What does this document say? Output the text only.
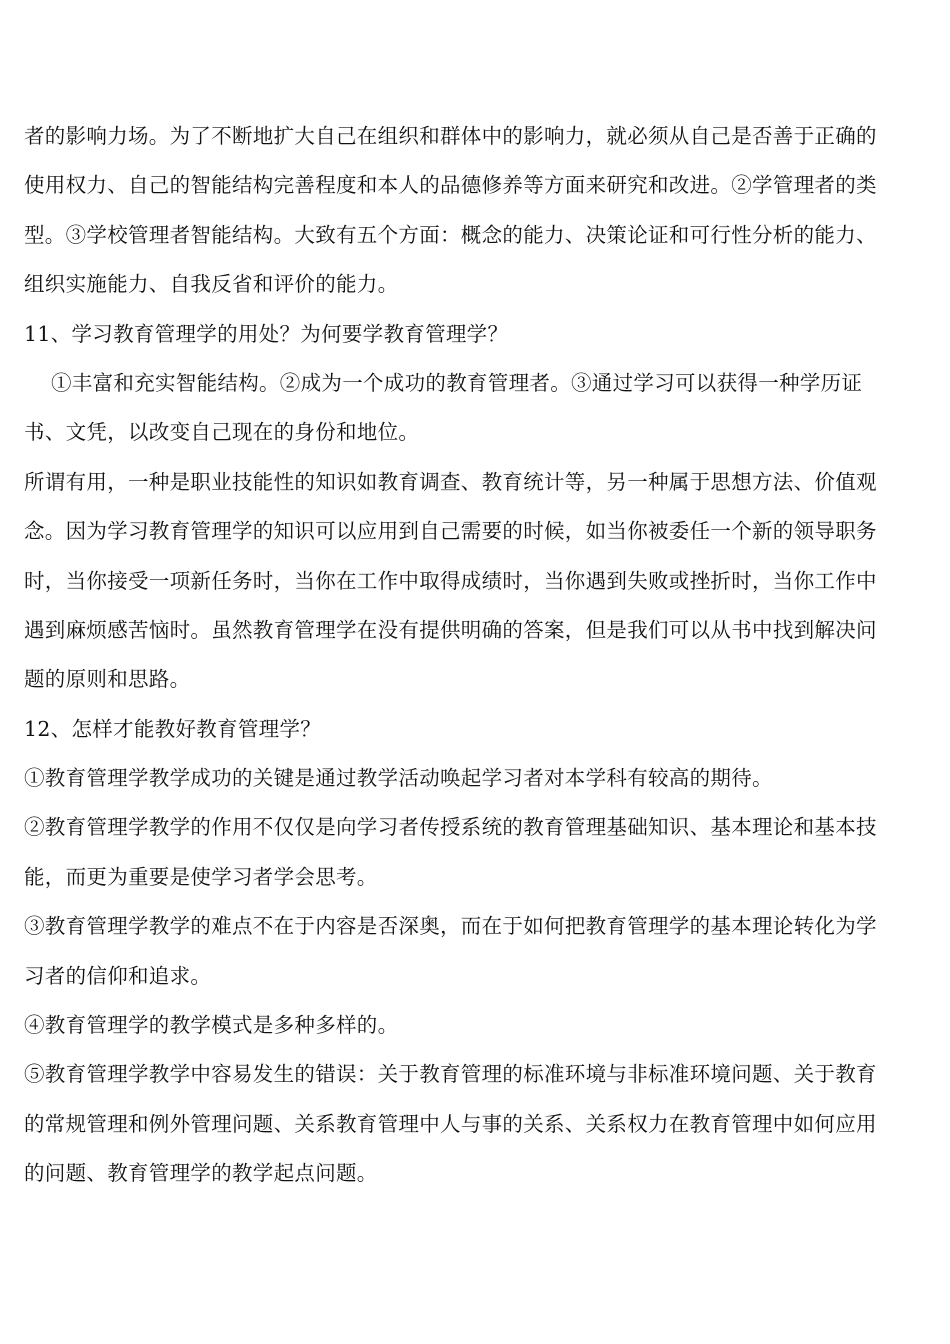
者的影响力场。为了不断地扩大自己在组织和群体中的影响力，就必须从自己是否善于正确的
使用权力、自己的智能结构完善程度和本人的品德修养等方面来研究和改进。②学管理者的类
型。③学校管理者智能结构。大致有五个方面：概念的能力、决策论证和可行性分析的能力、
组织实施能力、自我反省和评价的能力。
11、学习教育管理学的用处？为何要学教育管理学？
①丰富和充实智能结构。②成为一个成功的教育管理者。③通过学习可以获得一种学历证
书、文凭，以改变自己现在的身份和地位。
所谓有用，一种是职业技能性的知识如教育调查、教育统计等，另一种属于思想方法、价值观
念。因为学习教育管理学的知识可以应用到自己需要的时候，如当你被委任一个新的领导职务
时，当你接受一项新任务时，当你在工作中取得成绩时，当你遇到失败或挫折时，当你工作中
遇到麻烦感苦恼时。虽然教育管理学在没有提供明确的答案，但是我们可以从书中找到解决问
题的原则和思路。
12、怎样才能教好教育管理学？
①教育管理学教学成功的关键是通过教学活动唤起学习者对本学科有较高的期待。
②教育管理学教学的作用不仅仅是向学习者传授系统的教育管理基础知识、基本理论和基本技
能，而更为重要是使学习者学会思考。
③教育管理学教学的难点不在于内容是否深奥，而在于如何把教育管理学的基本理论转化为学
习者的信仰和追求。
④教育管理学的教学模式是多种多样的。
⑤教育管理学教学中容易发生的错误：关于教育管理的标准环境与非标准环境问题、关于教育
的常规管理和例外管理问题、关系教育管理中人与事的关系、关系权力在教育管理中如何应用
的问题、教育管理学的教学起点问题。
